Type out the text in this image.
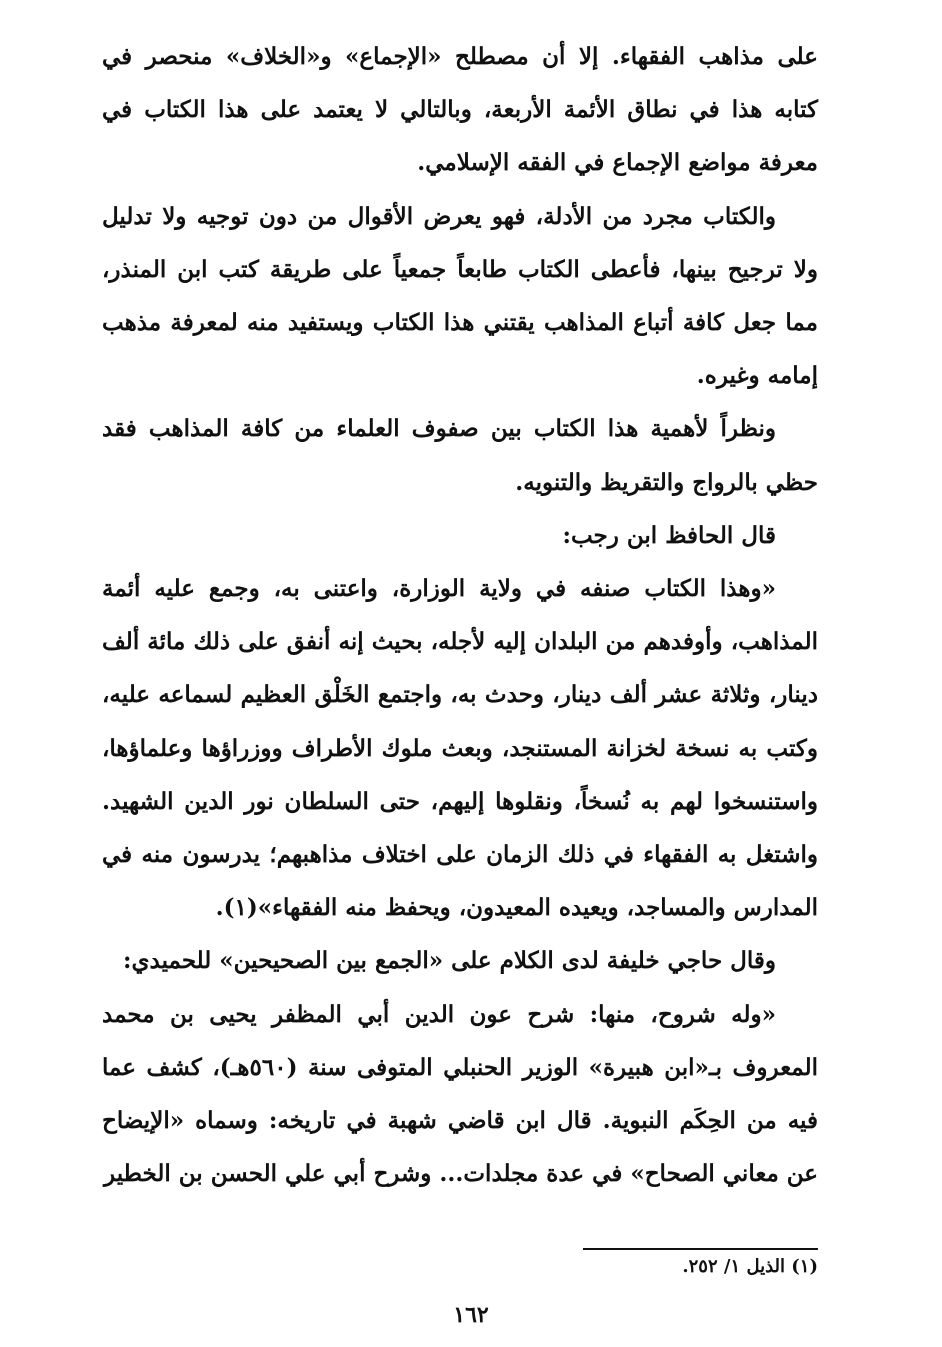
على مذاهب الفقهاء. إلا أن مصطلح «الإجماع» و«الخلاف» منحصر في كتابه هذا في نطاق الأئمة الأربعة، وبالتالي لا يعتمد على هذا الكتاب في معرفة مواضع الإجماع في الفقه الإسلامي.

والكتاب مجرد من الأدلة، فهو يعرض الأقوال من دون توجيه ولا تدليل ولا ترجيح بينها، فأعطى الكتاب طابعاً جمعياً على طريقة كتب ابن المنذر، مما جعل كافة أتباع المذاهب يقتني هذا الكتاب ويستفيد منه لمعرفة مذهب إمامه وغيره.

ونظراً لأهمية هذا الكتاب بين صفوف العلماء من كافة المذاهب فقد حظي بالرواج والتقريظ والتنويه.

قال الحافظ ابن رجب:

«وهذا الكتاب صنفه في ولاية الوزارة، واعتنى به، وجمع عليه أئمة المذاهب، وأوفدهم من البلدان إليه لأجله، بحيث إنه أنفق على ذلك مائة ألف دينار، وثلاثة عشر ألف دينار، وحدث به، واجتمع الخَلْق العظيم لسماعه عليه، وكتب به نسخة لخزانة المستنجد، وبعث ملوك الأطراف ووزراؤها وعلماؤها، واستنسخوا لهم به نُسخاً، ونقلوها إليهم، حتى السلطان نور الدين الشهيد. واشتغل به الفقهاء في ذلك الزمان على اختلاف مذاهبهم؛ يدرسون منه في المدارس والمساجد، ويعيده المعيدون، ويحفظ منه الفقهاء»(١).

وقال حاجي خليفة لدى الكلام على «الجمع بين الصحيحين» للحميدي:

«وله شروح، منها: شرح عون الدين أبي المظفر يحيى بن محمد المعروف بـ«ابن هبيرة» الوزير الحنبلي المتوفى سنة (٥٦٠هـ)، كشف عما فيه من الحِكَم النبوية. قال ابن قاضي شهبة في تاريخه: وسماه «الإيضاح عن معاني الصحاح» في عدة مجلدات... وشرح أبي علي الحسن بن الخطير

(١) الذيل ١/ ٢٥٢.
١٦٢
